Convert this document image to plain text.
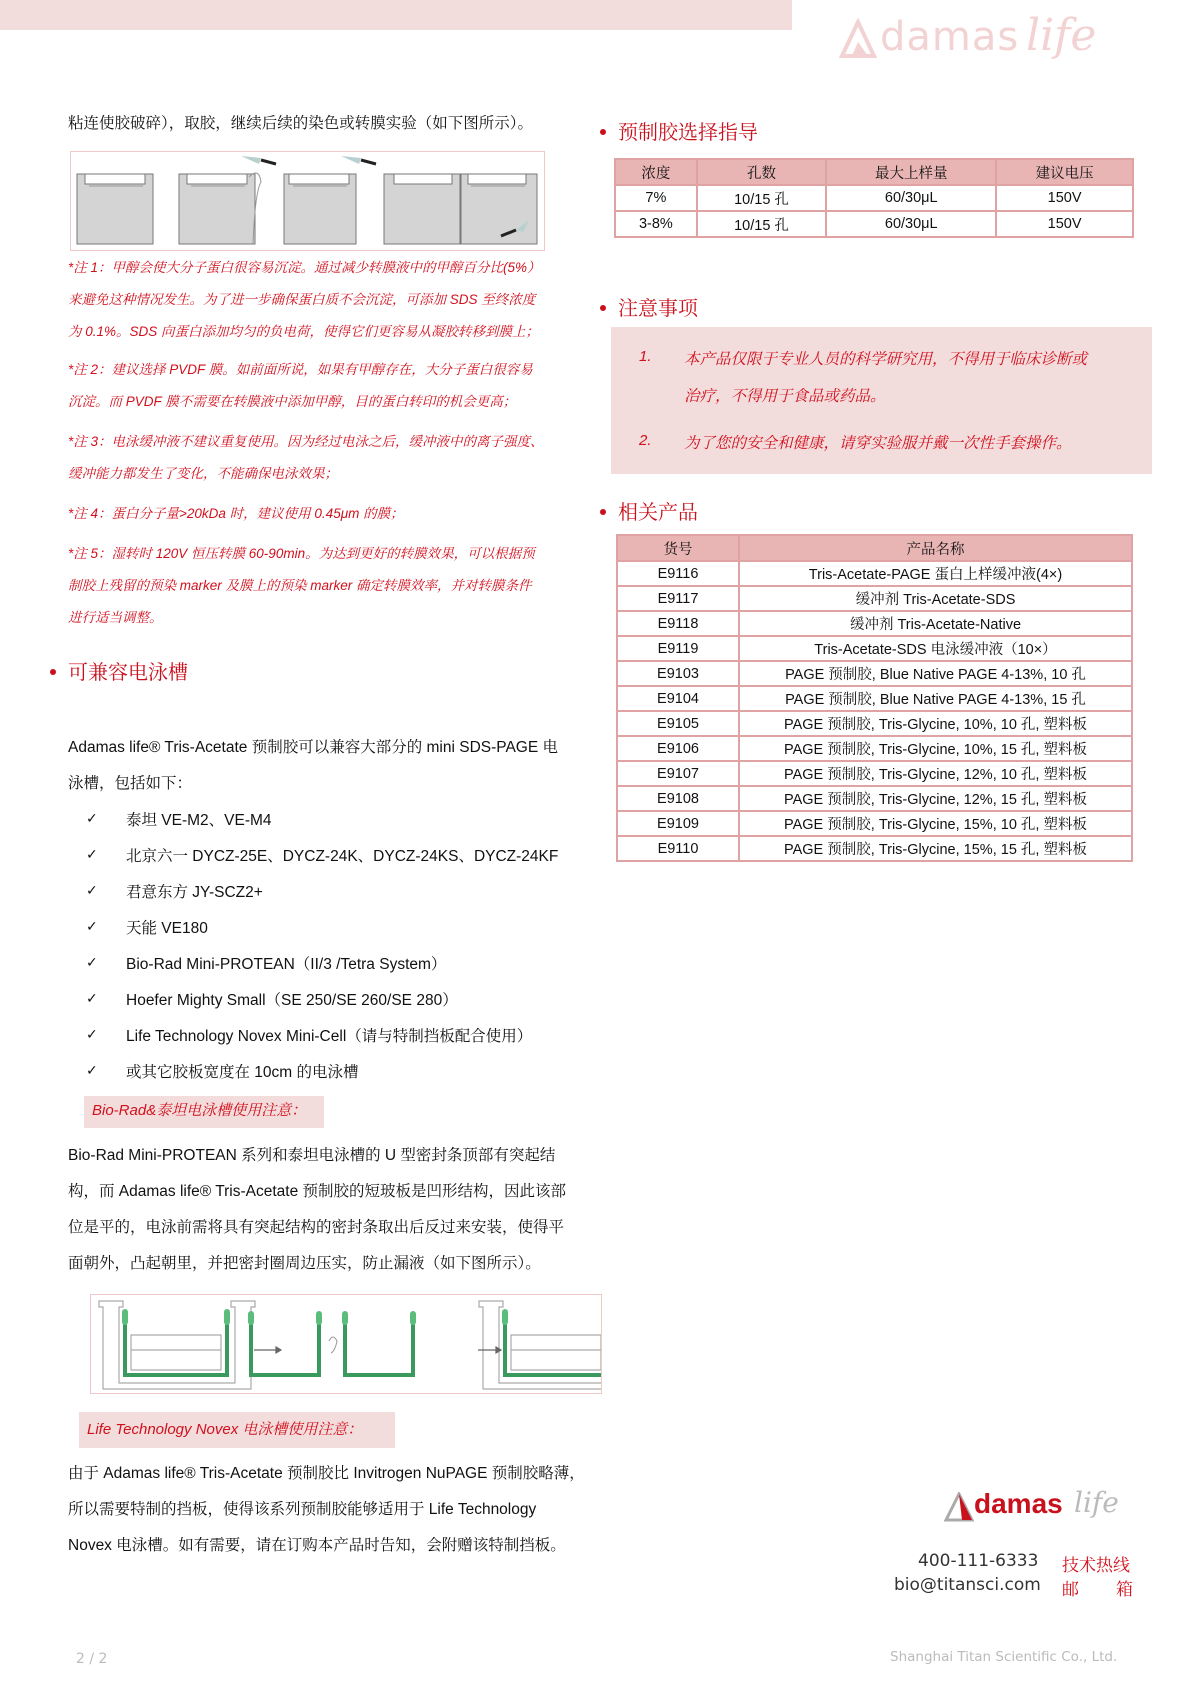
damas life
粘连使胶破碎），取胶，继续后续的染色或转膜实验（如下图所示）。
*注 1：甲醇会使大分子蛋白很容易沉淀。通过减少转膜液中的甲醇百分比(5%）
来避免这种情况发生。为了进一步确保蛋白质不会沉淀，可添加 SDS 至终浓度
为 0.1%。SDS 向蛋白添加均匀的负电荷，使得它们更容易从凝胶转移到膜上；
*注 2：建议选择 PVDF 膜。如前面所说，如果有甲醇存在，大分子蛋白很容易
沉淀。而 PVDF 膜不需要在转膜液中添加甲醇，目的蛋白转印的机会更高；
*注 3：电泳缓冲液不建议重复使用。因为经过电泳之后，缓冲液中的离子强度、
缓冲能力都发生了变化，不能确保电泳效果；
*注 4：蛋白分子量>20kDa 时，建议使用 0.45μm 的膜；
*注 5：湿转时 120V 恒压转膜 60-90min。为达到更好的转膜效果，可以根据预
制胶上残留的预染 marker 及膜上的预染 marker 确定转膜效率，并对转膜条件
进行适当调整。
可兼容电泳槽
Adamas life® Tris-Acetate 预制胶可以兼容大部分的 mini SDS-PAGE 电
泳槽，包括如下：
✓ 泰坦 VE-M2、VE-M4
✓ 北京六一 DYCZ-25E、DYCZ-24K、DYCZ-24KS、DYCZ-24KF
✓ 君意东方 JY-SCZ2+
✓ 天能 VE180
✓ Bio-Rad Mini-PROTEAN（II/3 /Tetra System）
✓ Hoefer Mighty Small（SE 250/SE 260/SE 280）
✓ Life Technology Novex Mini-Cell（请与特制挡板配合使用）
✓ 或其它胶板宽度在 10cm 的电泳槽
Bio-Rad&泰坦电泳槽使用注意：
Bio-Rad Mini-PROTEAN 系列和泰坦电泳槽的 U 型密封条顶部有突起结
构，而 Adamas life® Tris-Acetate 预制胶的短玻板是凹形结构，因此该部
位是平的，电泳前需将具有突起结构的密封条取出后反过来安装，使得平
面朝外，凸起朝里，并把密封圈周边压实，防止漏液（如下图所示）。
Life Technology Novex 电泳槽使用注意：
由于 Adamas life® Tris-Acetate 预制胶比 Invitrogen NuPAGE 预制胶略薄，
所以需要特制的挡板，使得该系列预制胶能够适用于 Life Technology
Novex 电泳槽。如有需要，请在订购本产品时告知，会附赠该特制挡板。
预制胶选择指导
浓度	孔数	最大上样量	建议电压
7%	10/15 孔	60/30μL	150V
3-8%	10/15 孔	60/30μL	150V
注意事项
1. 本产品仅限于专业人员的科学研究用，不得用于临床诊断或
治疗，不得用于食品或药品。
2. 为了您的安全和健康，请穿实验服并戴一次性手套操作。
相关产品
货号	产品名称
E9116	Tris-Acetate-PAGE 蛋白上样缓冲液(4×)
E9117	缓冲剂 Tris-Acetate-SDS
E9118	缓冲剂 Tris-Acetate-Native
E9119	Tris-Acetate-SDS 电泳缓冲液（10×）
E9103	PAGE 预制胶, Blue Native PAGE 4-13%, 10 孔
E9104	PAGE 预制胶, Blue Native PAGE 4-13%, 15 孔
E9105	PAGE 预制胶, Tris-Glycine, 10%, 10 孔, 塑料板
E9106	PAGE 预制胶, Tris-Glycine, 10%, 15 孔, 塑料板
E9107	PAGE 预制胶, Tris-Glycine, 12%, 10 孔, 塑料板
E9108	PAGE 预制胶, Tris-Glycine, 12%, 15 孔, 塑料板
E9109	PAGE 预制胶, Tris-Glycine, 15%, 10 孔, 塑料板
E9110	PAGE 预制胶, Tris-Glycine, 15%, 15 孔, 塑料板
damas life
400-111-6333 技术热线
bio@titansci.com 邮 箱
2 / 2	Shanghai Titan Scientific Co., Ltd.
